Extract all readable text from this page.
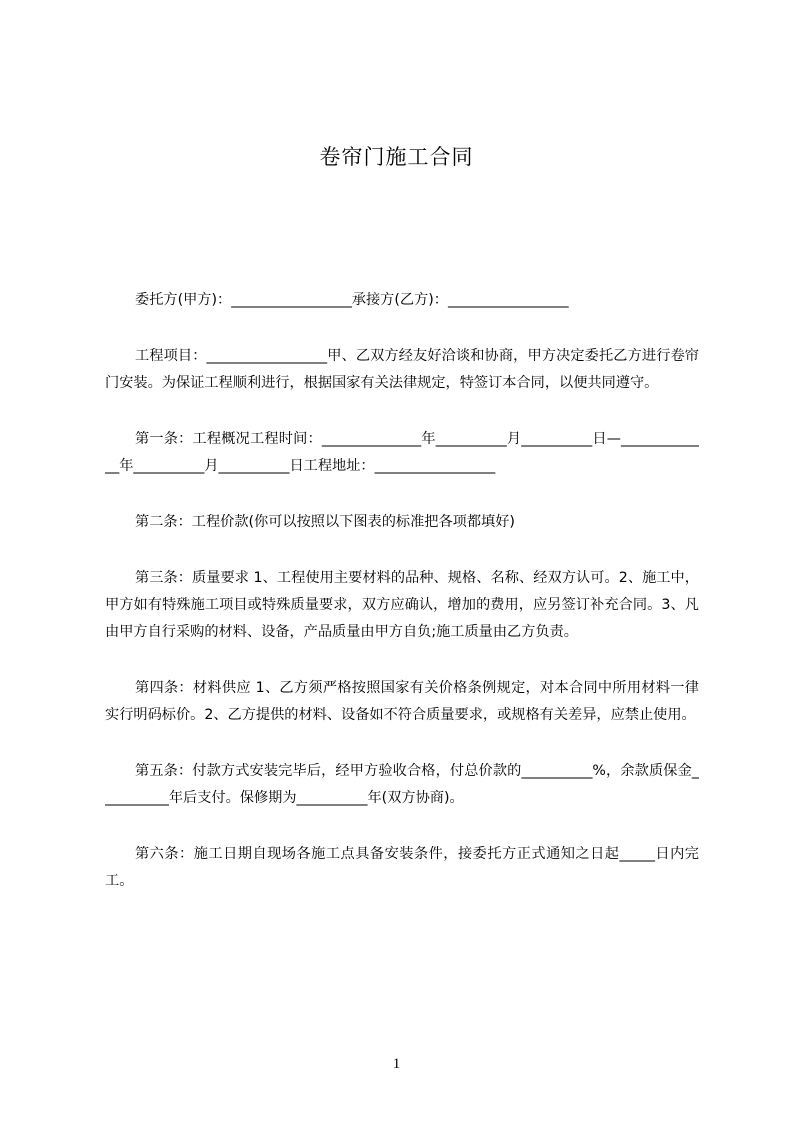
卷帘门施工合同

委托方(甲方)：_________________承接方(乙方)：_________________

工程项目：_________________甲、乙双方经友好洽谈和协商，甲方决定委托乙方进行卷帘门安装。为保证工程顺利进行，根据国家有关法律规定，特签订本合同，以便共同遵守。

第一条：工程概况工程时间：______________年__________月__________日—_____________年__________月__________日工程地址：_________________

第二条：工程价款(你可以按照以下图表的标准把各项都填好)

第三条：质量要求 1、工程使用主要材料的品种、规格、名称、经双方认可。2、施工中，甲方如有特殊施工项目或特殊质量要求，双方应确认，增加的费用，应另签订补充合同。3、凡由甲方自行采购的材料、设备，产品质量由甲方自负;施工质量由乙方负责。

第四条：材料供应 1、乙方须严格按照国家有关价格条例规定，对本合同中所用材料一律实行明码标价。2、乙方提供的材料、设备如不符合质量要求，或规格有关差异，应禁止使用。

第五条：付款方式安装完毕后，经甲方验收合格，付总价款的__________%，余款质保金__________年后支付。保修期为__________年(双方协商)。

第六条：施工日期自现场各施工点具备安装条件，接委托方正式通知之日起_____日内完工。

1
